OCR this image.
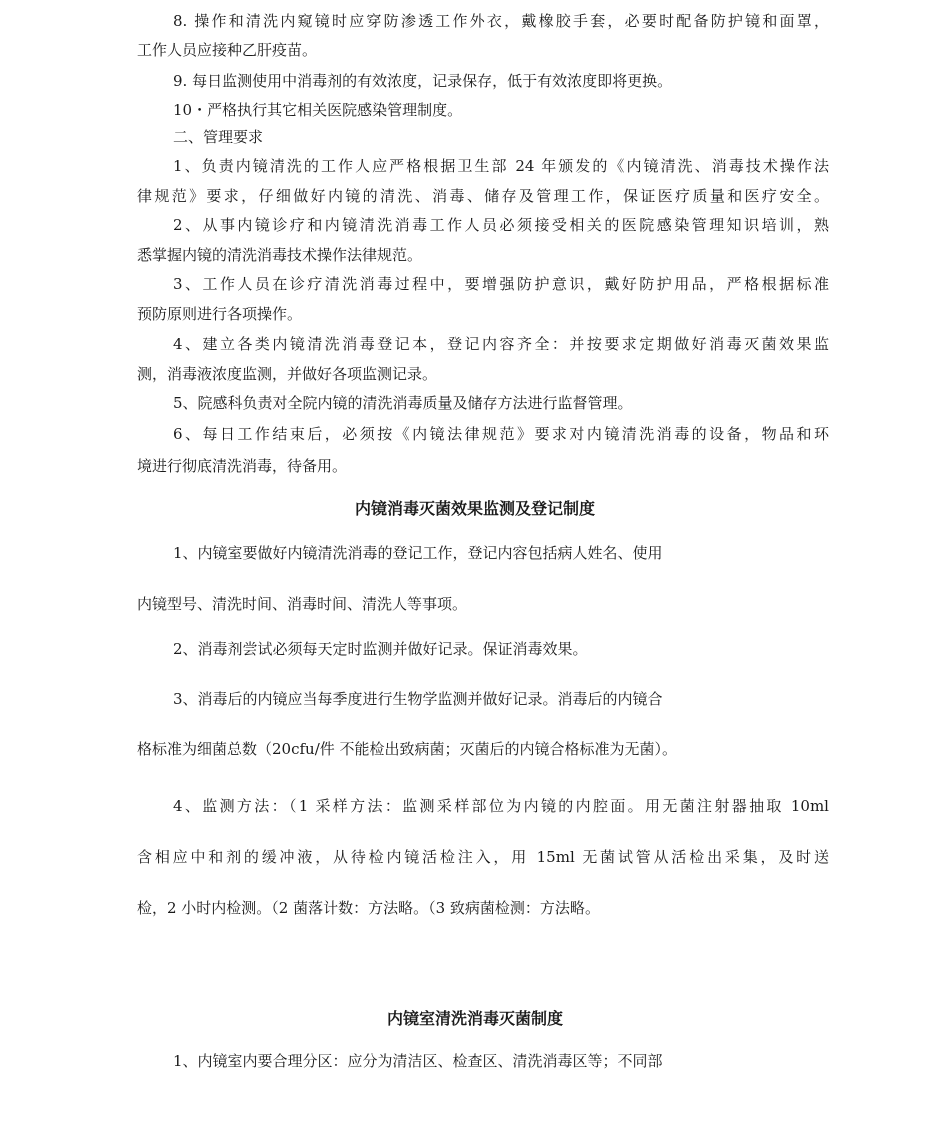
8. 操作和清洗内窥镜时应穿防渗透工作外衣，戴橡胶手套，必要时配备防护镜和面罩，
工作人员应接种乙肝疫苗。
9. 每日监测使用中消毒剂的有效浓度，记录保存，低于有效浓度即将更换。
10・严格执行其它相关医院感染管理制度。
二、管理要求
1、负责内镜清洗的工作人应严格根据卫生部 24 年颁发的《内镜清洗、消毒技术操作法
律规范》要求，仔细做好内镜的清洗、消毒、储存及管理工作，保证医疗质量和医疗安全。
2、从事内镜诊疗和内镜清洗消毒工作人员必须接受相关的医院感染管理知识培训，熟
悉掌握内镜的清洗消毒技术操作法律规范。
3、工作人员在诊疗清洗消毒过程中，要增强防护意识，戴好防护用品，严格根据标准
预防原则进行各项操作。
4、建立各类内镜清洗消毒登记本，登记内容齐全：并按要求定期做好消毒灭菌效果监
测，消毒液浓度监测，并做好各项监测记录。
5、院感科负责对全院内镜的清洗消毒质量及储存方法进行监督管理。
6、每日工作结束后，必须按《内镜法律规范》要求对内镜清洗消毒的设备，物品和环
境进行彻底清洗消毒，待备用。
内镜消毒灭菌效果监测及登记制度
1、内镜室要做好内镜清洗消毒的登记工作，登记内容包括病人姓名、使用
内镜型号、清洗时间、消毒时间、清洗人等事项。
2、消毒剂尝试必须每天定时监测并做好记录。保证消毒效果。
3、消毒后的内镜应当每季度进行生物学监测并做好记录。消毒后的内镜合
格标准为细菌总数（20cfu/件 不能检出致病菌；灭菌后的内镜合格标准为无菌）。
4、监测方法：（1 采样方法：监测采样部位为内镜的内腔面。用无菌注射器抽取 10ml
含相应中和剂的缓冲液，从待检内镜活检注入，用 15ml 无菌试管从活检出采集，及时送
检，2 小时内检测。（2 菌落计数：方法略。（3 致病菌检测：方法略。
内镜室清洗消毒灭菌制度
1、内镜室内要合理分区：应分为清洁区、检查区、清洗消毒区等；不同部
